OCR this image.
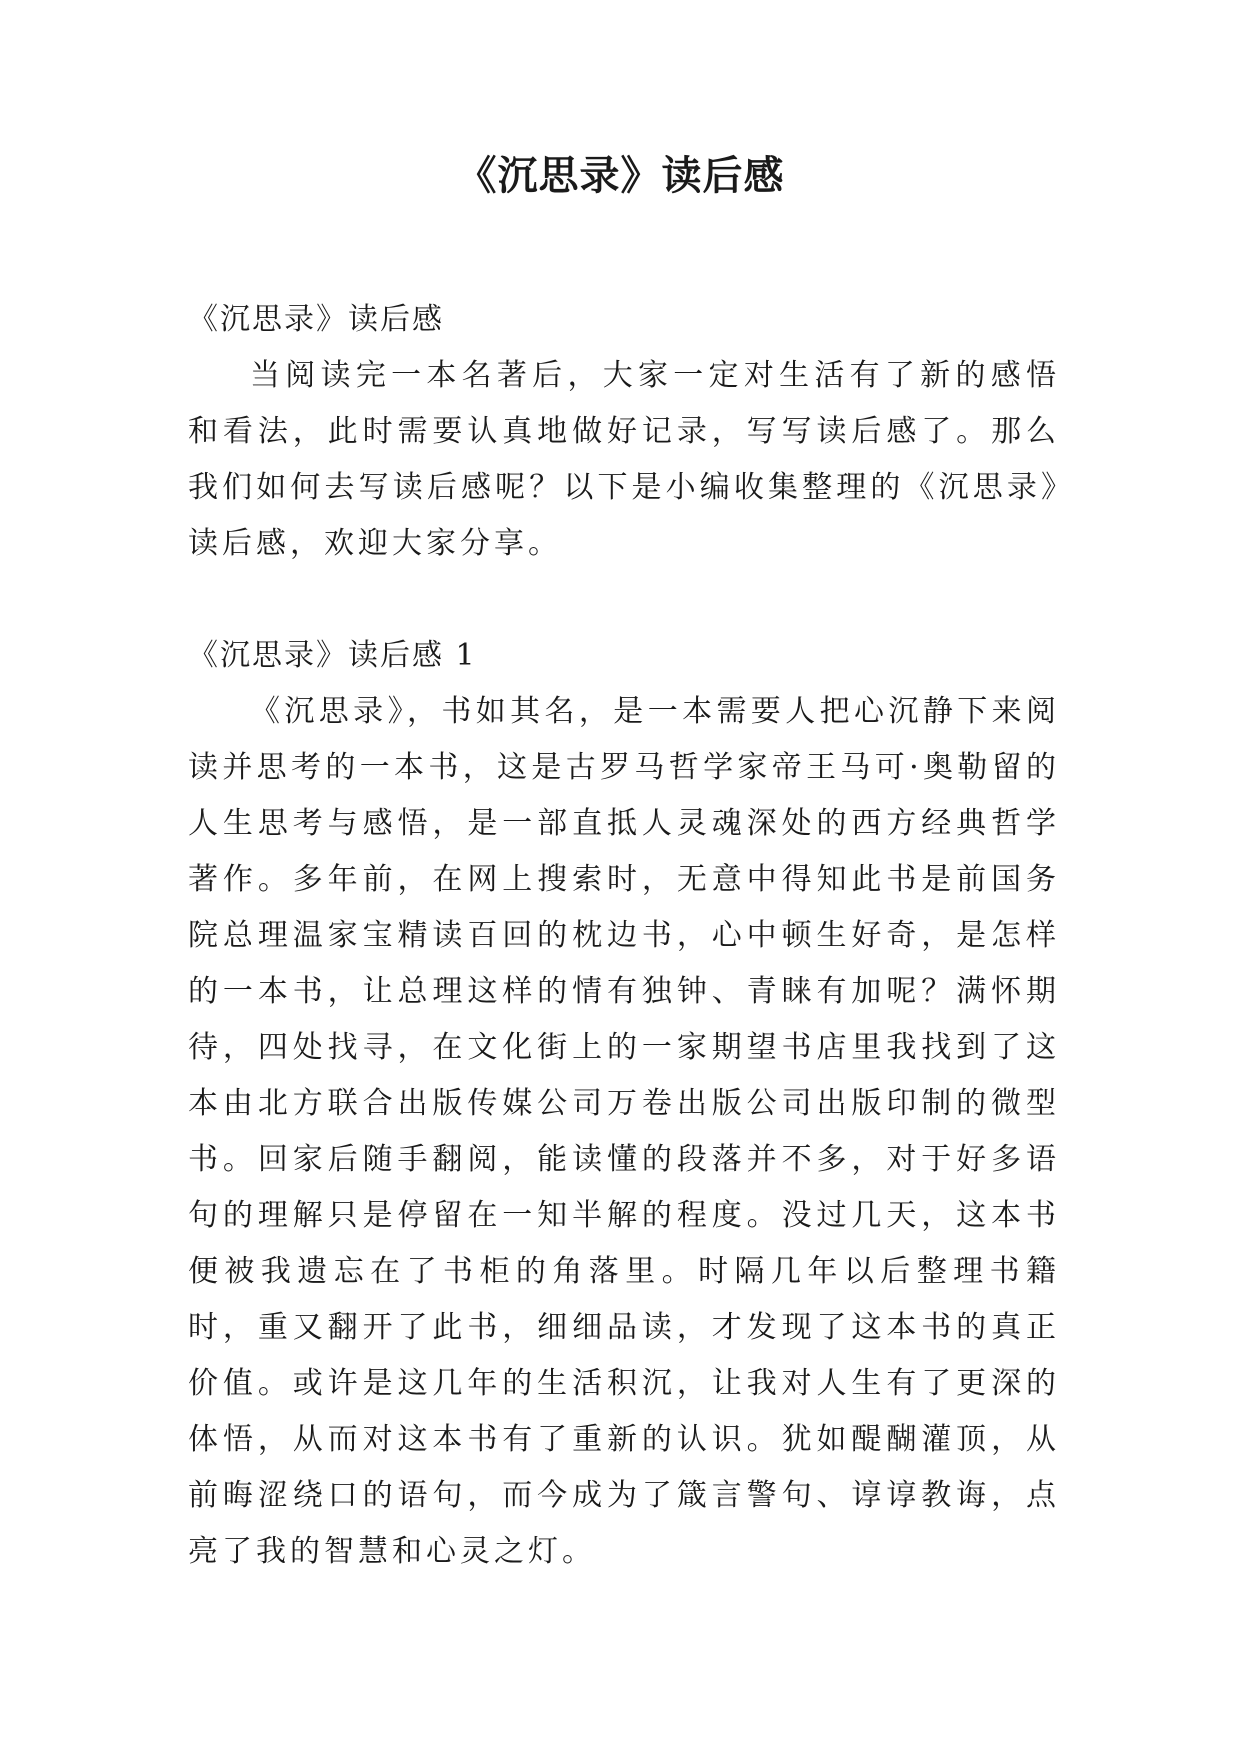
《沉思录》读后感

《沉思录》读后感

当阅读完一本名著后，大家一定对生活有了新的感悟和看法，此时需要认真地做好记录，写写读后感了。那么我们如何去写读后感呢？以下是小编收集整理的《沉思录》读后感，欢迎大家分享。

《沉思录》读后感 1

《沉思录》，书如其名，是一本需要人把心沉静下来阅读并思考的一本书，这是古罗马哲学家帝王马可·奥勒留的人生思考与感悟，是一部直抵人灵魂深处的西方经典哲学著作。多年前，在网上搜索时，无意中得知此书是前国务院总理温家宝精读百回的枕边书，心中顿生好奇，是怎样的一本书，让总理这样的情有独钟、青睐有加呢？满怀期待，四处找寻，在文化街上的一家期望书店里我找到了这本由北方联合出版传媒公司万卷出版公司出版印制的微型书。回家后随手翻阅，能读懂的段落并不多，对于好多语句的理解只是停留在一知半解的程度。没过几天，这本书便被我遗忘在了书柜的角落里。时隔几年以后整理书籍时，重又翻开了此书，细细品读，才发现了这本书的真正价值。或许是这几年的生活积沉，让我对人生有了更深的体悟，从而对这本书有了重新的认识。犹如醍醐灌顶，从前晦涩绕口的语句，而今成为了箴言警句、谆谆教诲，点亮了我的智慧和心灵之灯。
